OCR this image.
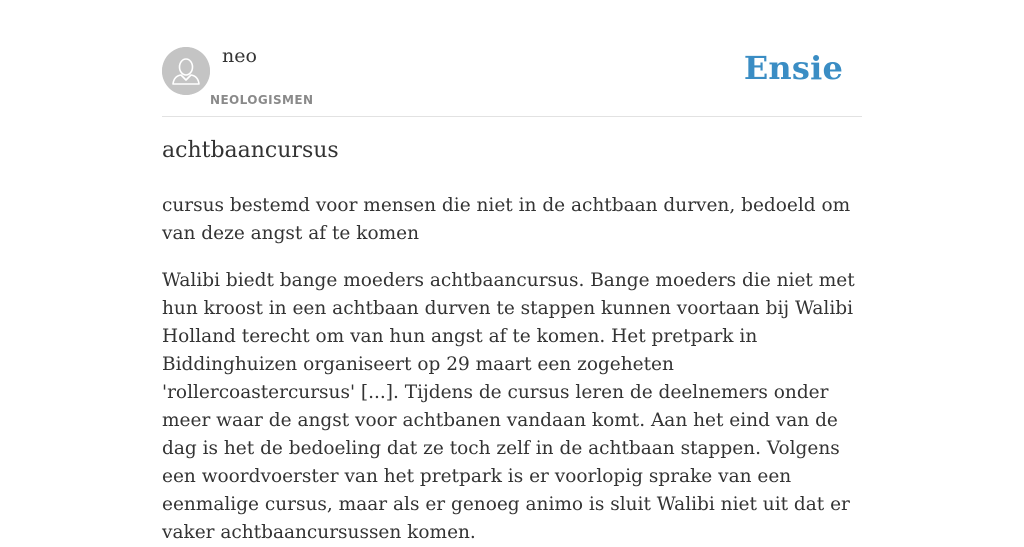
neo
NEOLOGISMEN
Ensie
achtbaancursus

cursus bestemd voor mensen die niet in de achtbaan durven, bedoeld om van deze angst af te komen

Walibi biedt bange moeders achtbaancursus. Bange moeders die niet met hun kroost in een achtbaan durven te stappen kunnen voortaan bij Walibi Holland terecht om van hun angst af te komen. Het pretpark in Biddinghuizen organiseert op 29 maart een zogeheten 'rollercoastercursus' [...]. Tijdens de cursus leren de deelnemers onder meer waar de angst voor achtbanen vandaan komt. Aan het eind van de dag is het de bedoeling dat ze toch zelf in de achtbaan stappen. Volgens een woordvoerster van het pretpark is er voorlopig sprake van een eenmalige cursus, maar als er genoeg animo is sluit Walibi niet uit dat er vaker achtbaancursussen komen.
